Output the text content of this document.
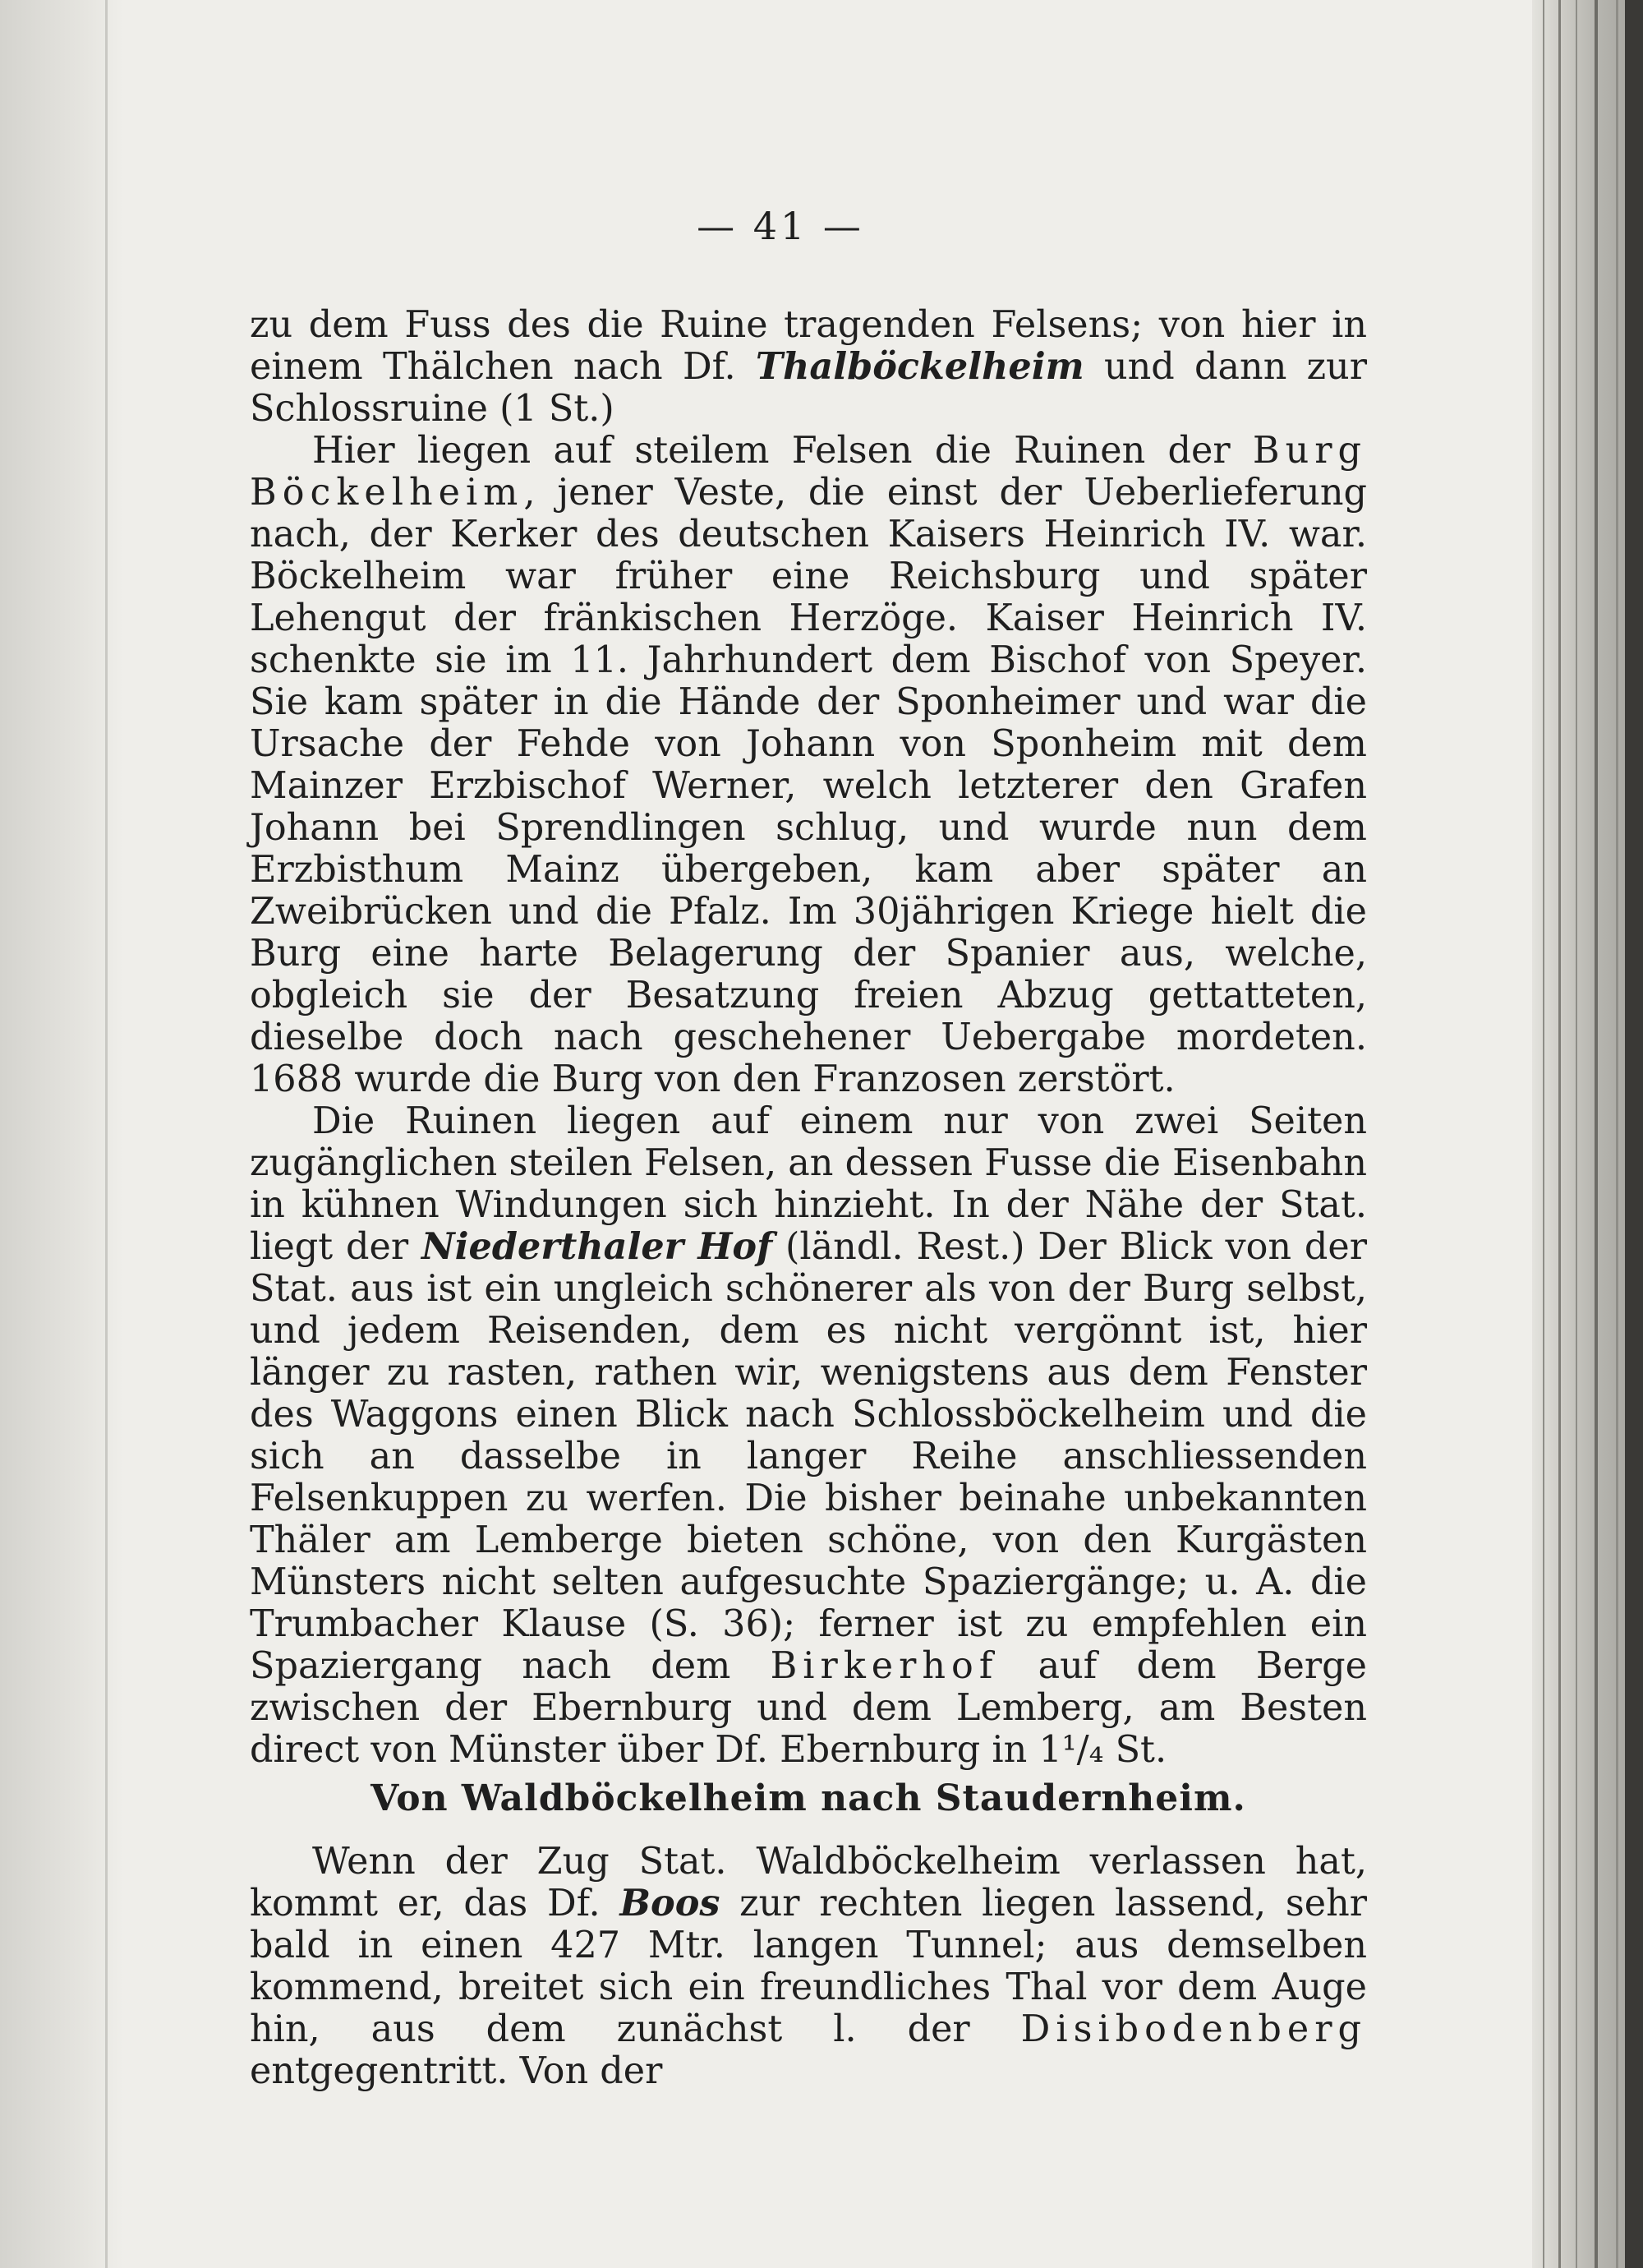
— 41 —

zu dem Fuss des die Ruine tragenden Felsens; von hier in einem Thälchen nach Df. Thalböckelheim und dann zur Schlossruine (1 St.)

Hier liegen auf steilem Felsen die Ruinen der Burg Böckelheim, jener Veste, die einst der Ueberlieferung nach, der Kerker des deutschen Kaisers Heinrich IV. war. Böckelheim war früher eine Reichsburg und später Lehengut der fränkischen Herzöge. Kaiser Heinrich IV. schenkte sie im 11. Jahrhundert dem Bischof von Speyer. Sie kam später in die Hände der Sponheimer und war die Ursache der Fehde von Johann von Sponheim mit dem Mainzer Erzbischof Werner, welch letzterer den Grafen Johann bei Sprendlingen schlug, und wurde nun dem Erzbisthum Mainz übergeben, kam aber später an Zweibrücken und die Pfalz. Im 30jährigen Kriege hielt die Burg eine harte Belagerung der Spanier aus, welche, obgleich sie der Besatzung freien Abzug gettatteten, dieselbe doch nach geschehener Uebergabe mordeten. 1688 wurde die Burg von den Franzosen zerstört.

Die Ruinen liegen auf einem nur von zwei Seiten zugänglichen steilen Felsen, an dessen Fusse die Eisenbahn in kühnen Windungen sich hinzieht. In der Nähe der Stat. liegt der Niederthaler Hof (ländl. Rest.) Der Blick von der Stat. aus ist ein ungleich schönerer als von der Burg selbst, und jedem Reisenden, dem es nicht vergönnt ist, hier länger zu rasten, rathen wir, wenigstens aus dem Fenster des Waggons einen Blick nach Schlossböckelheim und die sich an dasselbe in langer Reihe anschliessenden Felsenkuppen zu werfen. Die bisher beinahe unbekannten Thäler am Lemberge bieten schöne, von den Kurgästen Münsters nicht selten aufgesuchte Spaziergänge; u. A. die Trumbacher Klause (S. 36); ferner ist zu empfehlen ein Spaziergang nach dem Birkerhof auf dem Berge zwischen der Ebernburg und dem Lemberg, am Besten direct von Münster über Df. Ebernburg in 1¹/₄ St.

Von Waldböckelheim nach Staudernheim.

Wenn der Zug Stat. Waldböckelheim verlassen hat, kommt er, das Df. Boos zur rechten liegen lassend, sehr bald in einen 427 Mtr. langen Tunnel; aus demselben kommend, breitet sich ein freundliches Thal vor dem Auge hin, aus dem zunächst l. der Disibodenberg entgegentritt. Von der
